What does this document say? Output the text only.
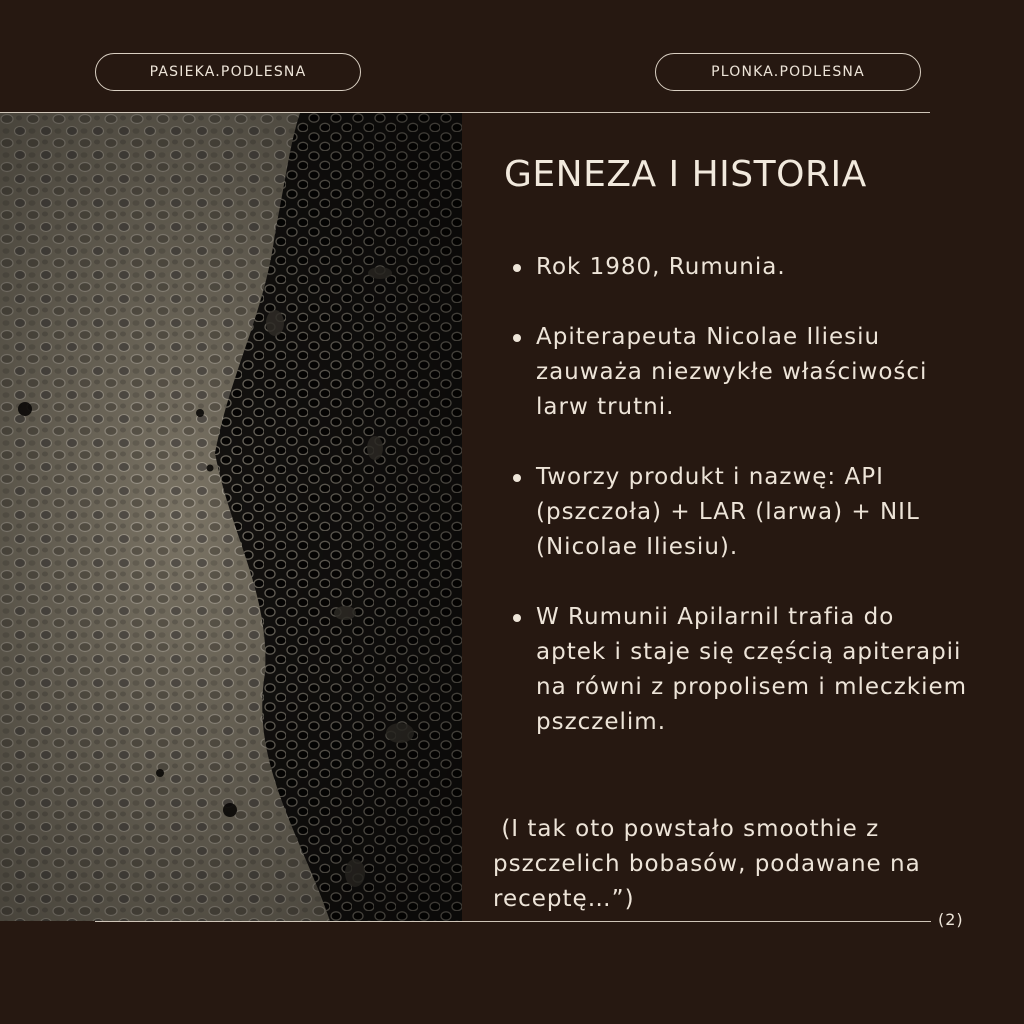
PASIEKA.PODLESNA	PLONKA.PODLESNA
GENEZA I HISTORIA
Rok 1980, Rumunia.
Apiterapeuta Nicolae Iliesiu zauważa niezwykłe właściwości larw trutni.
Tworzy produkt i nazwę: API (pszczoła) + LAR (larwa) + NIL (Nicolae Iliesiu).
W Rumunii Apilarnil trafia do aptek i staje się częścią apiterapii na równi z propolisem i mleczkiem pszczelim.

(I tak oto powstało smoothie z pszczelich bobasów, podawane na receptę…”)

(2)
